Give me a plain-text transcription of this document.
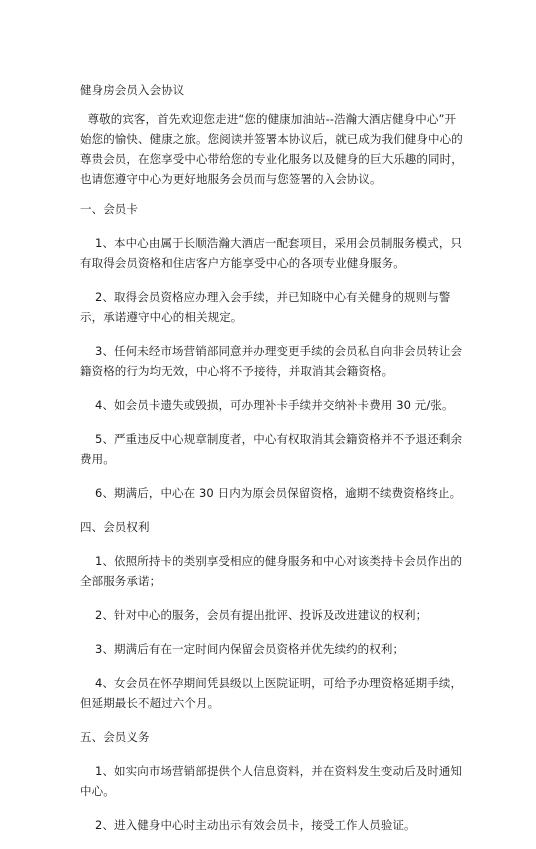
健身房会员入会协议
尊敬的宾客，首先欢迎您走进“您的健康加油站--浩瀚大酒店健身中心”开始您的愉快、健康之旅。您阅读并签署本协议后，就已成为我们健身中心的尊贵会员，在您享受中心带给您的专业化服务以及健身的巨大乐趣的同时，也请您遵守中心为更好地服务会员而与您签署的入会协议。
一、会员卡
1、本中心由属于长顺浩瀚大酒店一配套项目，采用会员制服务模式，只有取得会员资格和住店客户方能享受中心的各项专业健身服务。
2、取得会员资格应办理入会手续，并已知晓中心有关健身的规则与警示，承诺遵守中心的相关规定。
3、任何未经市场营销部同意并办理变更手续的会员私自向非会员转让会籍资格的行为均无效，中心将不予接待，并取消其会籍资格。
4、如会员卡遗失或毁损，可办理补卡手续并交纳补卡费用 30 元/张。
5、严重违反中心规章制度者，中心有权取消其会籍资格并不予退还剩余费用。
6、期满后，中心在 30 日内为原会员保留资格，逾期不续费资格终止。
四、会员权利
1、依照所持卡的类别享受相应的健身服务和中心对该类持卡会员作出的全部服务承诺；
2、针对中心的服务，会员有提出批评、投诉及改进建议的权利；
3、期满后有在一定时间内保留会员资格并优先续约的权利；
4、女会员在怀孕期间凭县级以上医院证明，可给予办理资格延期手续，但延期最长不超过六个月。
五、会员义务
1、如实向市场营销部提供个人信息资料，并在资料发生变动后及时通知中心。
2、进入健身中心时主动出示有效会员卡，接受工作人员验证。
